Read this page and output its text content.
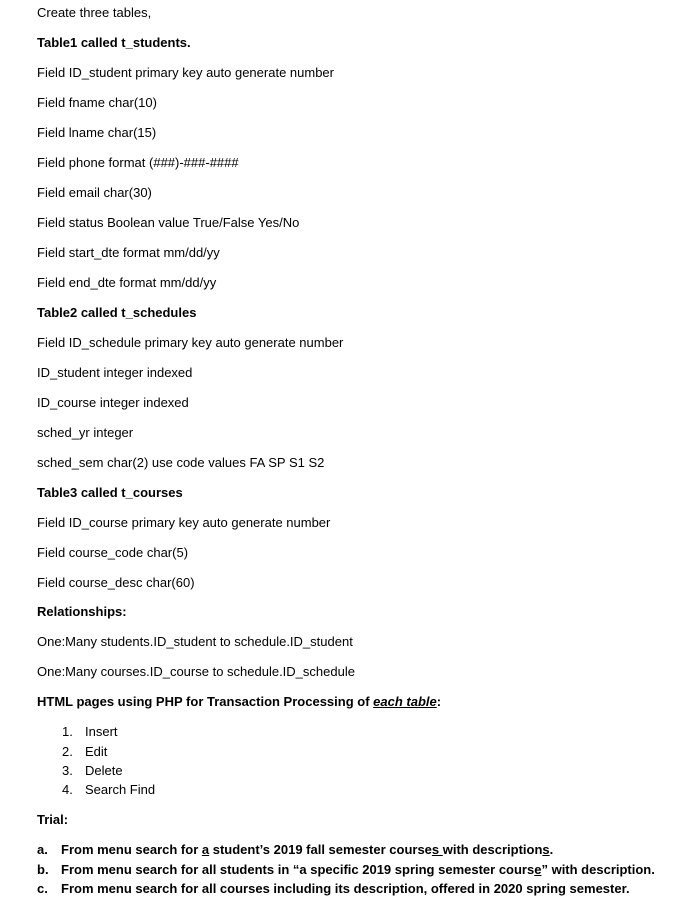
Create three tables,
Table1 called t_students.
Field ID_student primary key auto generate number
Field fname char(10)
Field lname char(15)
Field phone format (###)-###-####
Field email char(30)
Field status Boolean value True/False Yes/No
Field start_dte format mm/dd/yy
Field end_dte format mm/dd/yy
Table2 called t_schedules
Field ID_schedule primary key auto generate number
ID_student integer indexed
ID_course integer indexed
sched_yr integer
sched_sem char(2) use code values FA SP S1 S2
Table3 called t_courses
Field ID_course primary key auto generate number
Field course_code char(5)
Field course_desc char(60)
Relationships:
One:Many students.ID_student to schedule.ID_student
One:Many courses.ID_course to schedule.ID_schedule
HTML pages using PHP for Transaction Processing of each table:
1. Insert
2. Edit
3. Delete
4. Search Find
Trial:
a. From menu search for a student’s 2019 fall semester courses with descriptions.
b. From menu search for all students in “a specific 2019 spring semester course” with description.
c. From menu search for all courses including its description, offered in 2020 spring semester.
